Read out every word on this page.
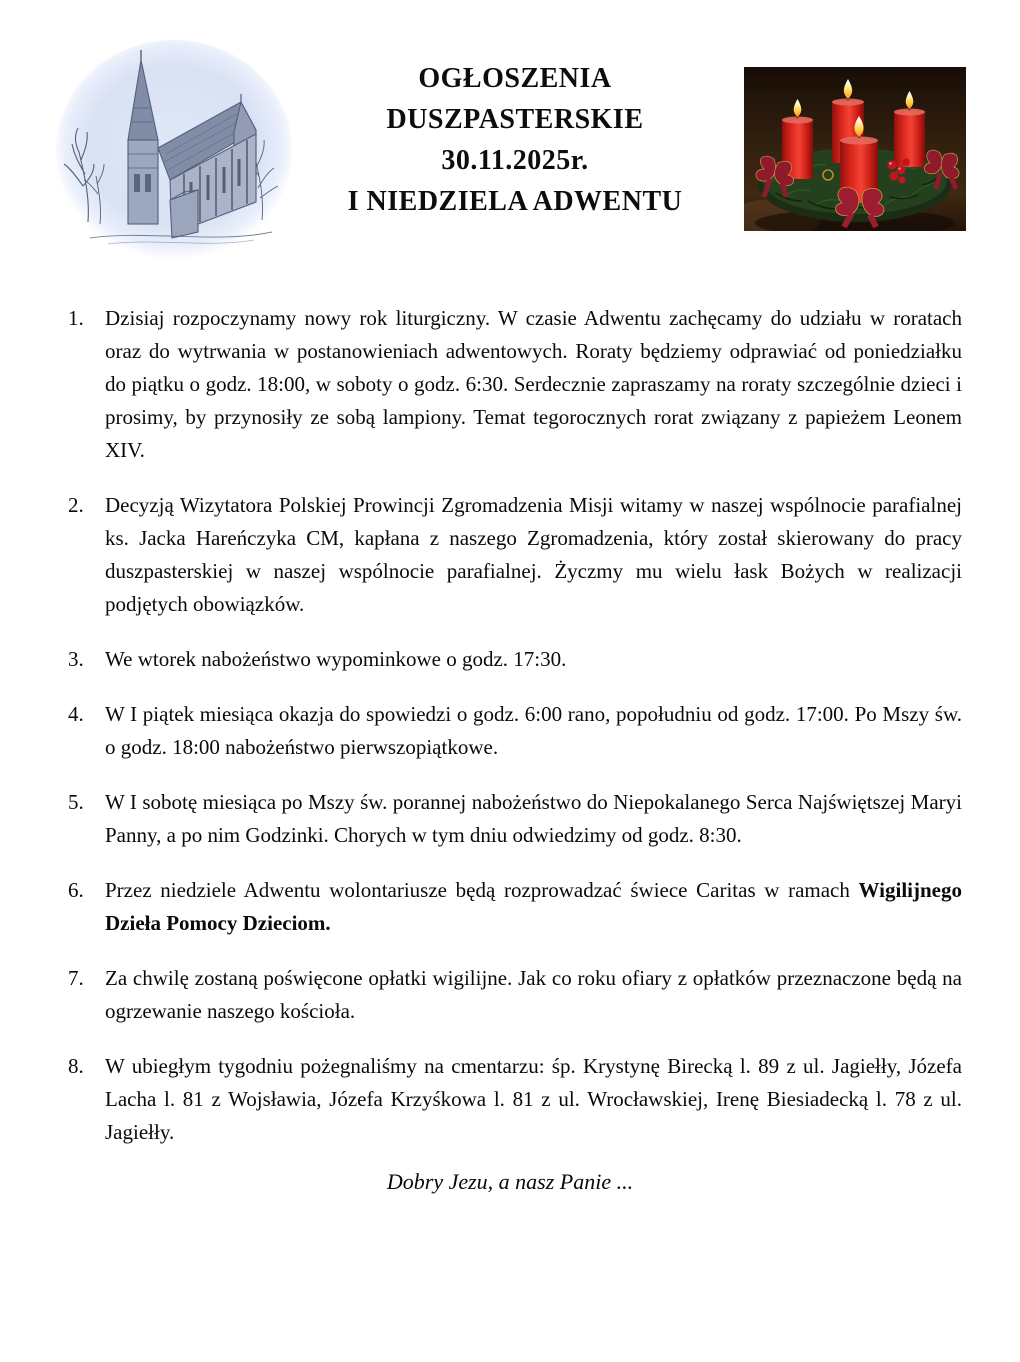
OGŁOSZENIA
DUSZPASTERSKIE
30.11.2025r.
I NIEDZIELA ADWENTU
1. Dzisiaj rozpoczynamy nowy rok liturgiczny. W czasie Adwentu zachęcamy do udziału w roratach oraz do wytrwania w postanowieniach adwentowych. Roraty będziemy odprawiać od poniedziałku do piątku o godz. 18:00, w soboty o godz. 6:30. Serdecznie zapraszamy na roraty szczególnie dzieci i prosimy, by przynosiły ze sobą lampiony. Temat tegorocznych rorat związany z papieżem Leonem XIV.
2. Decyzją Wizytatora Polskiej Prowincji Zgromadzenia Misji witamy w naszej wspólnocie parafialnej ks. Jacka Hareńczyka CM, kapłana z naszego Zgromadzenia, który został skierowany do pracy duszpasterskiej w naszej wspólnocie parafialnej. Życzmy mu wielu łask Bożych w realizacji podjętych obowiązków.
3. We wtorek nabożeństwo wypominkowe o godz. 17:30.
4. W I piątek miesiąca okazja do spowiedzi o godz. 6:00 rano, popołudniu od godz. 17:00. Po Mszy św. o godz. 18:00 nabożeństwo pierwszopiątkowe.
5. W I sobotę miesiąca po Mszy św. porannej nabożeństwo do Niepokalanego Serca Najświętszej Maryi Panny, a po nim Godzinki. Chorych w tym dniu odwiedzimy od godz. 8:30.
6. Przez niedziele Adwentu wolontariusze będą rozprowadzać świece Caritas w ramach Wigilijnego Dzieła Pomocy Dzieciom.
7. Za chwilę zostaną poświęcone opłatki wigilijne. Jak co roku ofiary z opłatków przeznaczone będą na ogrzewanie naszego kościoła.
8. W ubiegłym tygodniu pożegnaliśmy na cmentarzu: śp. Krystynę Birecką l. 89 z ul. Jagiełły, Józefa Lacha l. 81 z Wojsławia, Józefa Krzyśkowa l. 81 z ul. Wrocławskiej, Irenę Biesiadecką l. 78 z ul. Jagiełły.
Dobry Jezu, a nasz Panie ...
